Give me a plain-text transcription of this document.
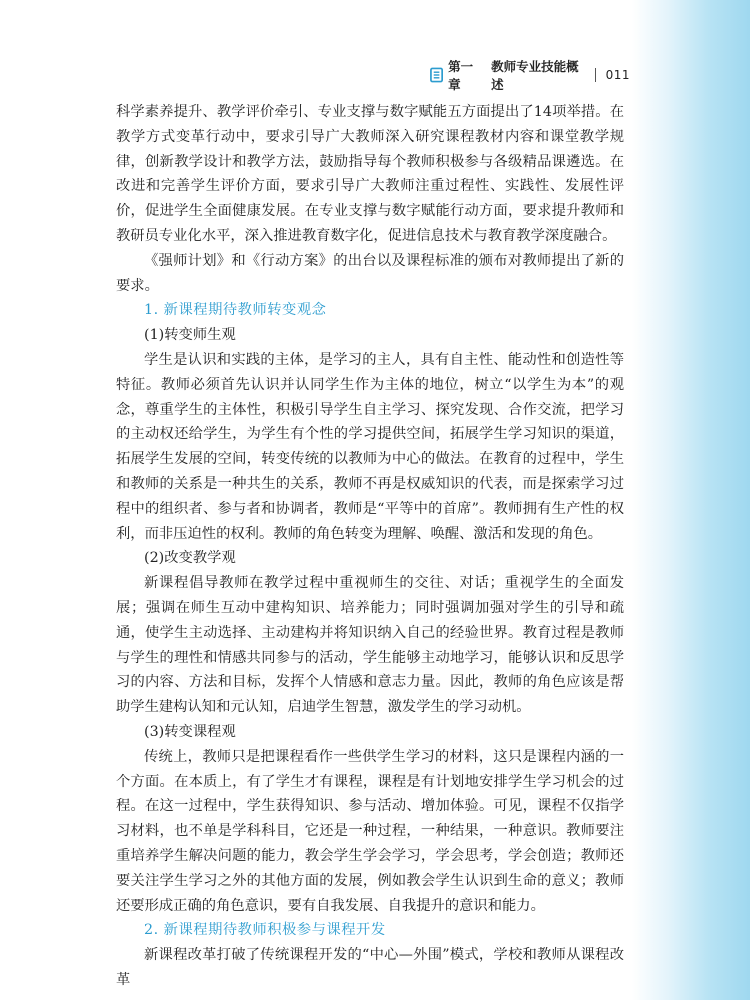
第一章
教师专业技能概述
011

科学素养提升、教学评价牵引、专业支撑与数字赋能五方面提出了14项举措。在教学方式变革行动中，要求引导广大教师深入研究课程教材内容和课堂教学规律，创新教学设计和教学方法，鼓励指导每个教师积极参与各级精品课遴选。在改进和完善学生评价方面，要求引导广大教师注重过程性、实践性、发展性评价，促进学生全面健康发展。在专业支撑与数字赋能行动方面，要求提升教师和教研员专业化水平，深入推进教育数字化，促进信息技术与教育教学深度融合。

《强师计划》和《行动方案》的出台以及课程标准的颁布对教师提出了新的要求。

1. 新课程期待教师转变观念

(1)转变师生观

学生是认识和实践的主体，是学习的主人，具有自主性、能动性和创造性等特征。教师必须首先认识并认同学生作为主体的地位，树立“以学生为本”的观念，尊重学生的主体性，积极引导学生自主学习、探究发现、合作交流，把学习的主动权还给学生，为学生有个性的学习提供空间，拓展学生学习知识的渠道，拓展学生发展的空间，转变传统的以教师为中心的做法。在教育的过程中，学生和教师的关系是一种共生的关系，教师不再是权威知识的代表，而是探索学习过程中的组织者、参与者和协调者，教师是“平等中的首席”。教师拥有生产性的权利，而非压迫性的权利。教师的角色转变为理解、唤醒、激活和发现的角色。

(2)改变教学观

新课程倡导教师在教学过程中重视师生的交往、对话；重视学生的全面发展；强调在师生互动中建构知识、培养能力；同时强调加强对学生的引导和疏通，使学生主动选择、主动建构并将知识纳入自己的经验世界。教育过程是教师与学生的理性和情感共同参与的活动，学生能够主动地学习，能够认识和反思学习的内容、方法和目标，发挥个人情感和意志力量。因此，教师的角色应该是帮助学生建构认知和元认知，启迪学生智慧，激发学生的学习动机。

(3)转变课程观

传统上，教师只是把课程看作一些供学生学习的材料，这只是课程内涵的一个方面。在本质上，有了学生才有课程，课程是有计划地安排学生学习机会的过程。在这一过程中，学生获得知识、参与活动、增加体验。可见，课程不仅指学习材料，也不单是学科科目，它还是一种过程，一种结果，一种意识。教师要注重培养学生解决问题的能力，教会学生学会学习，学会思考，学会创造；教师还要关注学生学习之外的其他方面的发展，例如教会学生认识到生命的意义；教师还要形成正确的角色意识，要有自我发展、自我提升的意识和能力。

2. 新课程期待教师积极参与课程开发

新课程改革打破了传统课程开发的“中心—外围”模式，学校和教师从课程改革
